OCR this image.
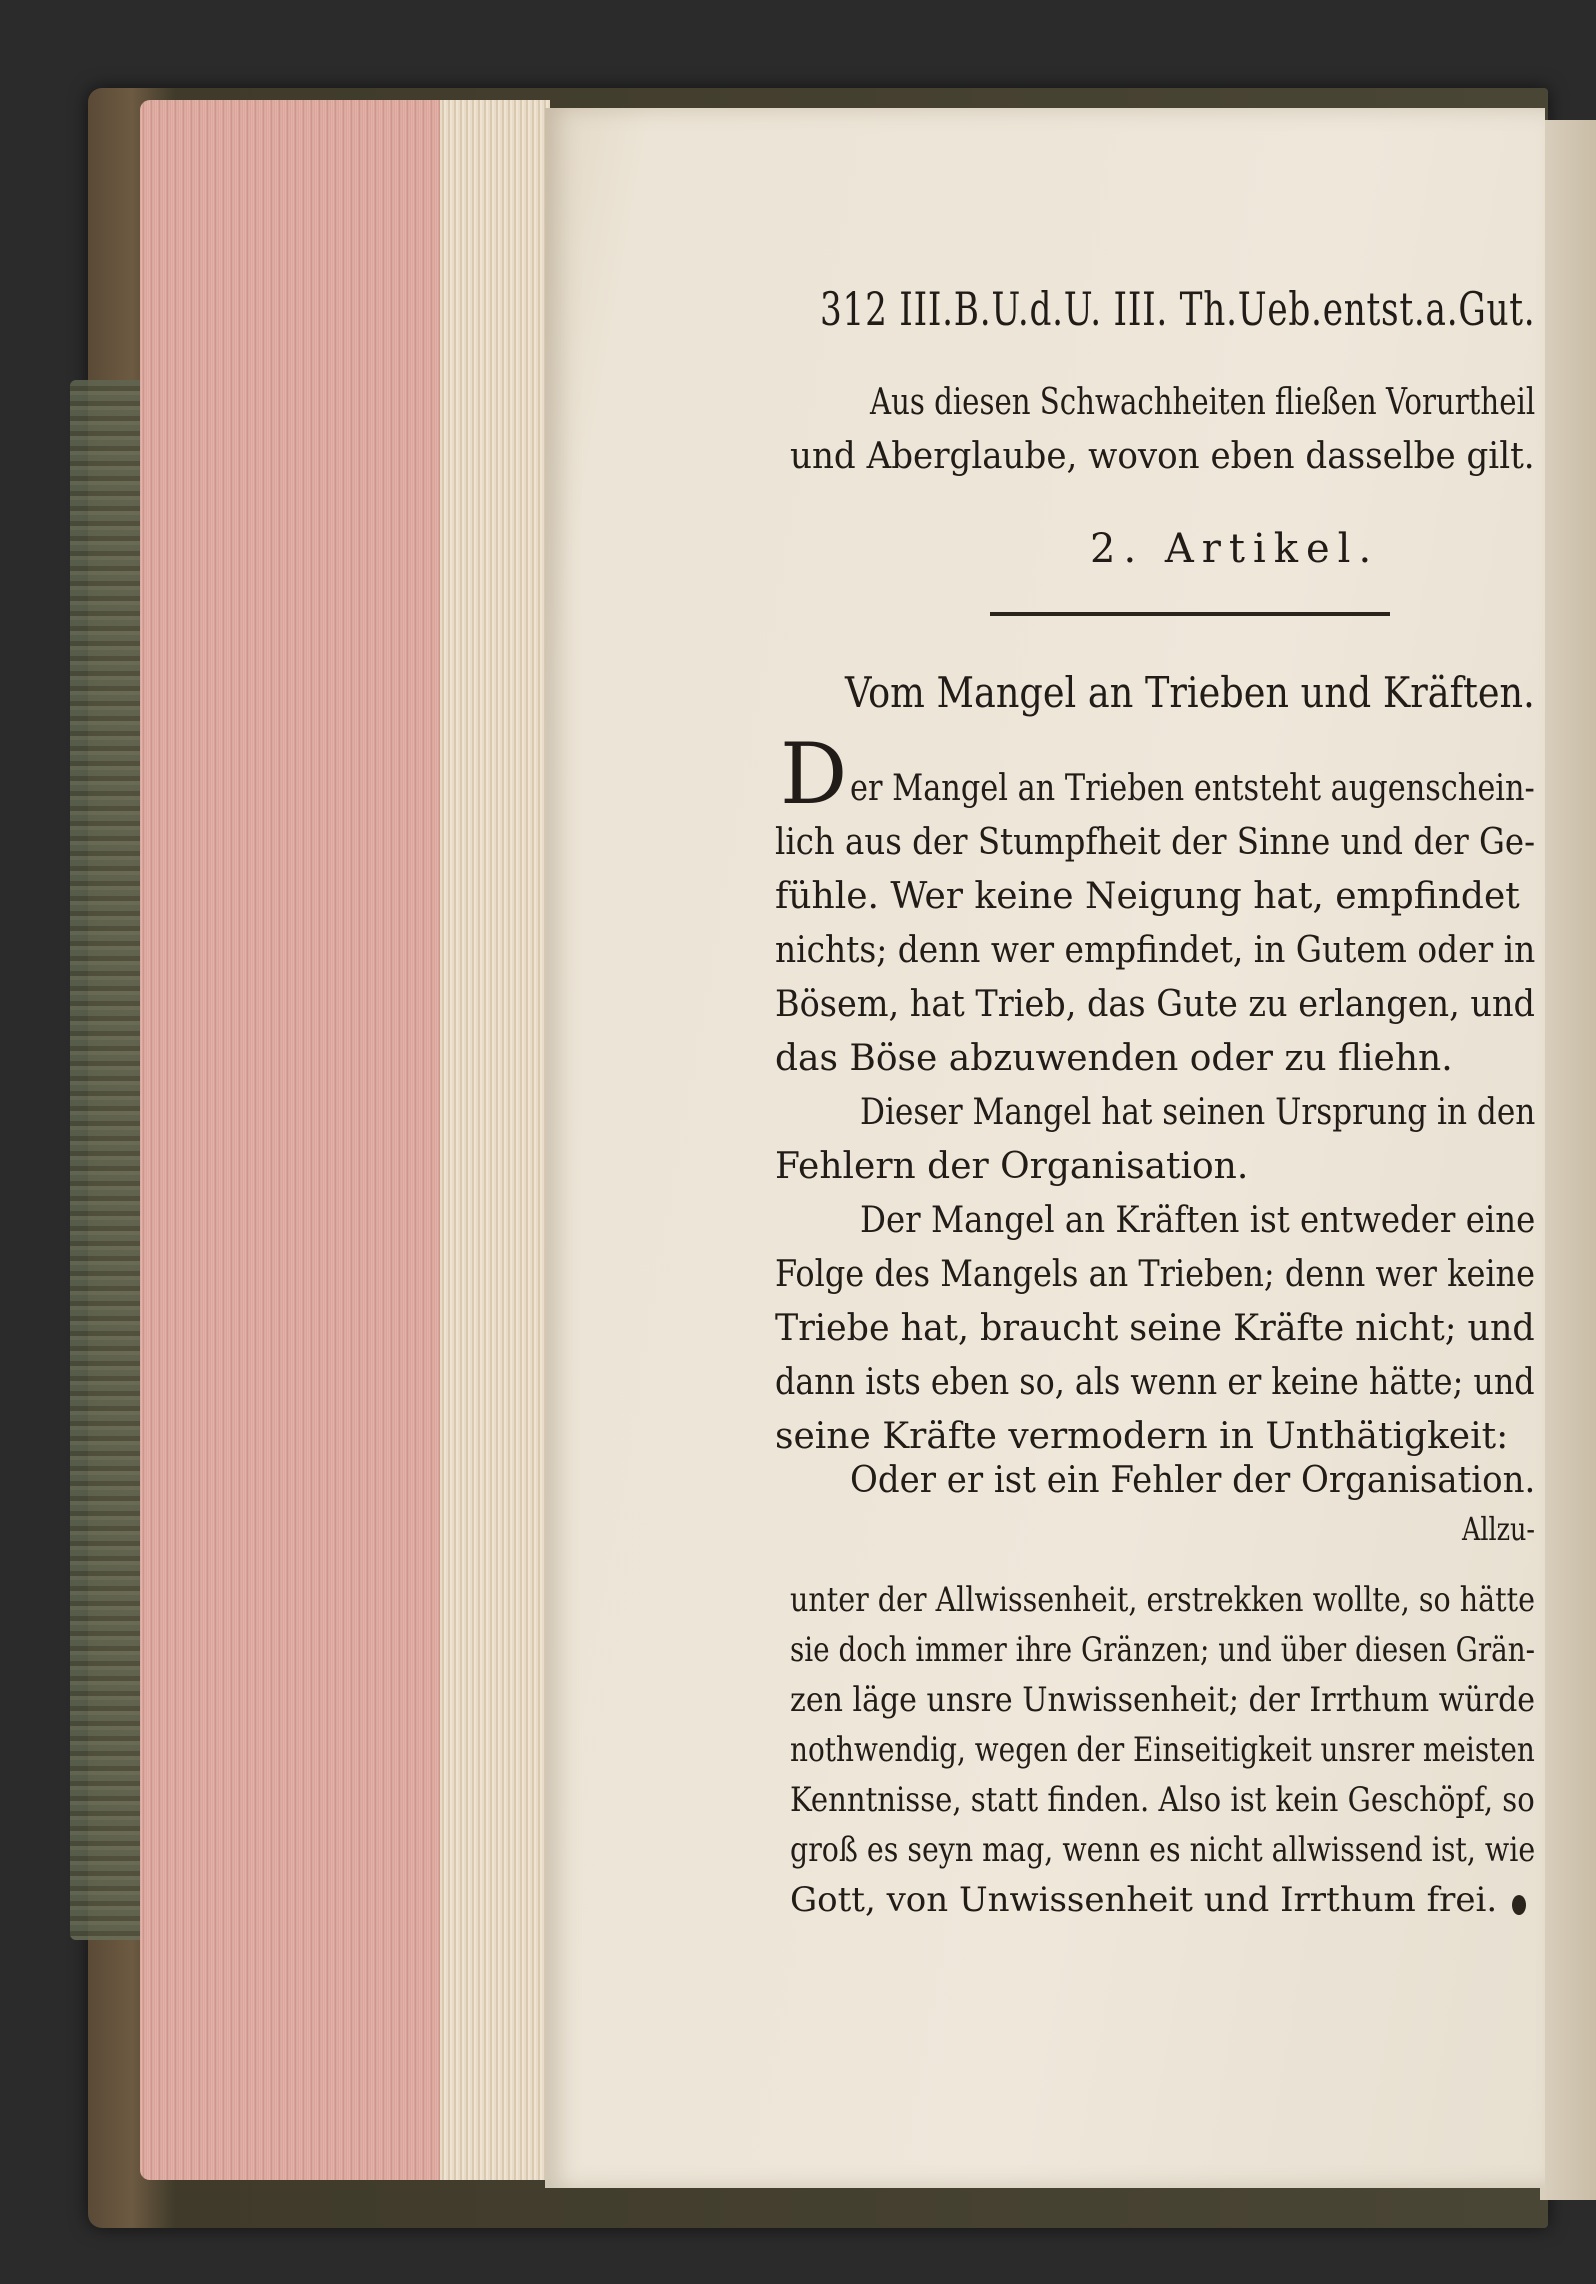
312 III.B.U.d.U. III. Th.Ueb.entst.a.Gut.
Aus diesen Schwachheiten fließen Vorurtheil
und Aberglaube, wovon eben dasselbe gilt.
2. Artikel.
Vom Mangel an Trieben und Kräften.
D er Mangel an Trieben entsteht augenschein-
lich aus der Stumpfheit der Sinne und der Ge-
fühle. Wer keine Neigung hat, empfindet
nichts; denn wer empfindet, in Gutem oder in
Bösem, hat Trieb, das Gute zu erlangen, und
das Böse abzuwenden oder zu fliehn.
Dieser Mangel hat seinen Ursprung in den
Fehlern der Organisation.
Der Mangel an Kräften ist entweder eine
Folge des Mangels an Trieben; denn wer keine
Triebe hat, braucht seine Kräfte nicht; und
dann ists eben so, als wenn er keine hätte; und
seine Kräfte vermodern in Unthätigkeit:
Oder er ist ein Fehler der Organisation.
Allzu-
unter der Allwissenheit, erstrekken wollte, so hätte
sie doch immer ihre Gränzen; und über diesen Grän-
zen läge unsre Unwissenheit; der Irrthum würde
nothwendig, wegen der Einseitigkeit unsrer meisten
Kenntnisse, statt finden. Also ist kein Geschöpf, so
groß es seyn mag, wenn es nicht allwissend ist, wie
Gott, von Unwissenheit und Irrthum frei.
